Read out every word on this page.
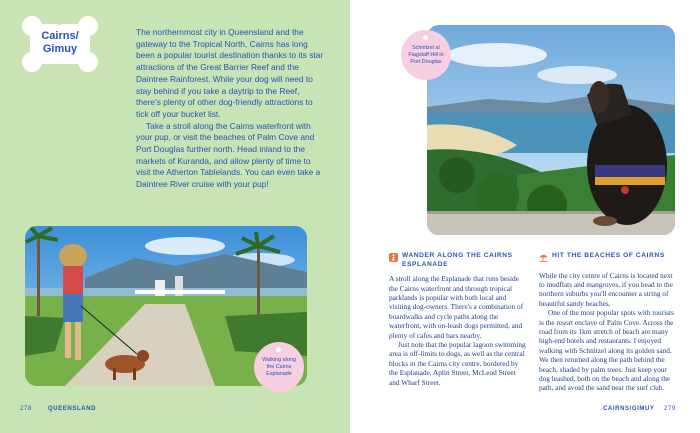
Cairns/
Gimuy

The northernmost city in Queensland and the gateway to the Tropical North, Cairns has long been a popular tourist destination thanks to its star attractions of the Great Barrier Reef and the Daintree Rainforest. While your dog will need to stay behind if you take a daytrip to the Reef, there's plenty of other dog-friendly attractions to tick off your bucket list.

Take a stroll along the Cairns waterfront with your pup, or visit the beaches of Palm Cove and Port Douglas further north. Head inland to the markets of Kuranda, and allow plenty of time to visit the Atherton Tablelands. You can even take a Daintree River cruise with your pup!

Walking along the Cairns Esplanade
Schnitzel at Flagstaff Hill in Port Douglas
WANDER ALONG THE CAIRNS ESPLANADE

A stroll along the Esplanade that runs beside the Cairns waterfront and through tropical parklands is popular with both local and visiting dog-owners. There's a combination of boardwalks and cycle paths along the waterfront, with on-leash dogs permitted, and plenty of cafes and bars nearby.

Just note that the popular lagoon swimming area is off-limits to dogs, as well as the central blocks in the Cairns city centre, bordered by the Esplanade, Aplin Street, McLeod Street and Wharf Street.

HIT THE BEACHES OF CAIRNS

While the city centre of Cairns is located next to mudflats and mangroves, if you head to the northern suburbs you'll encounter a string of beautiful sandy beaches.

One of the most popular spots with tourists is the resort enclave of Palm Cove. Across the road from its 1km stretch of beach are many high-end hotels and restaurants. I enjoyed walking with Schnitzel along its golden sand. We then returned along the path behind the beach, shaded by palm trees. Just keep your dog leashed, both on the beach and along the path, and avoid the sand near the surf club.

278	QUEENSLAND	CAIRNS/GIMUY 279
